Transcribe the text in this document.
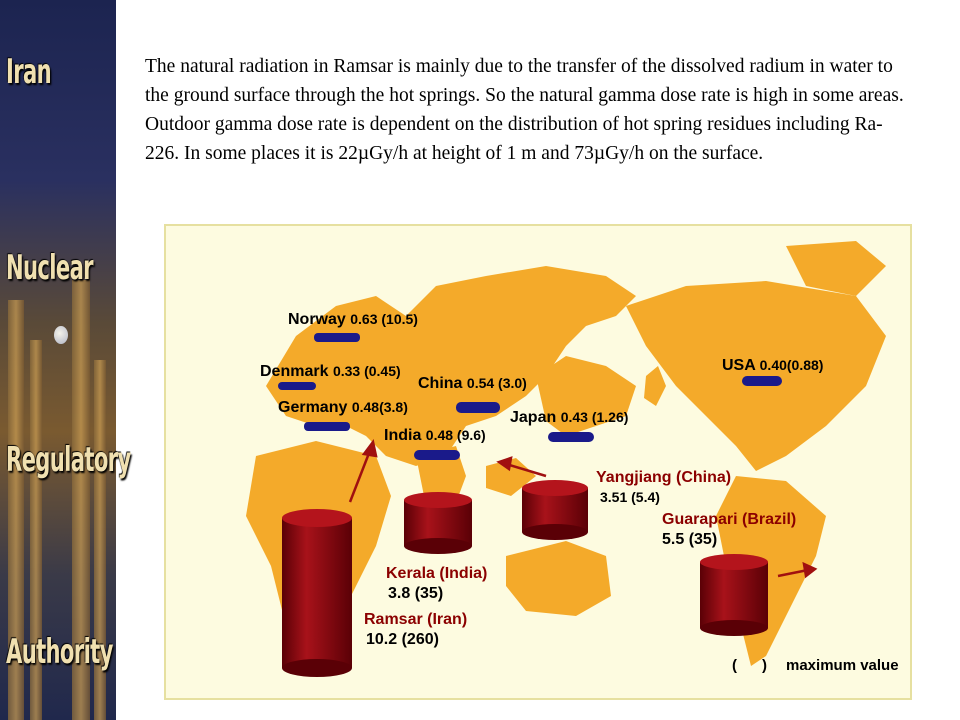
Iran
Nuclear
Regulatory
Authority
The natural radiation in Ramsar is mainly due to the transfer of the dissolved radium in water to the ground surface through the hot springs. So the natural gamma dose rate is high in some areas. Outdoor gamma dose rate is dependent on the distribution of hot spring residues including Ra-226. In some places it is 22µGy/h at height of 1 m and 73µGy/h on the surface.
Norway 0.63 (10.5)
Denmark 0.33 (0.45)
Germany 0.48(3.8)
China 0.54 (3.0)
India 0.48 (9.6)
Japan 0.43 (1.26)
USA 0.40(0.88)
Yangjiang (China)
3.51 (5.4)
Guarapari (Brazil)
5.5 (35)
Kerala (India)
3.8 (35)
Ramsar (Iran)
10.2 (260)
(      ) maximum value
